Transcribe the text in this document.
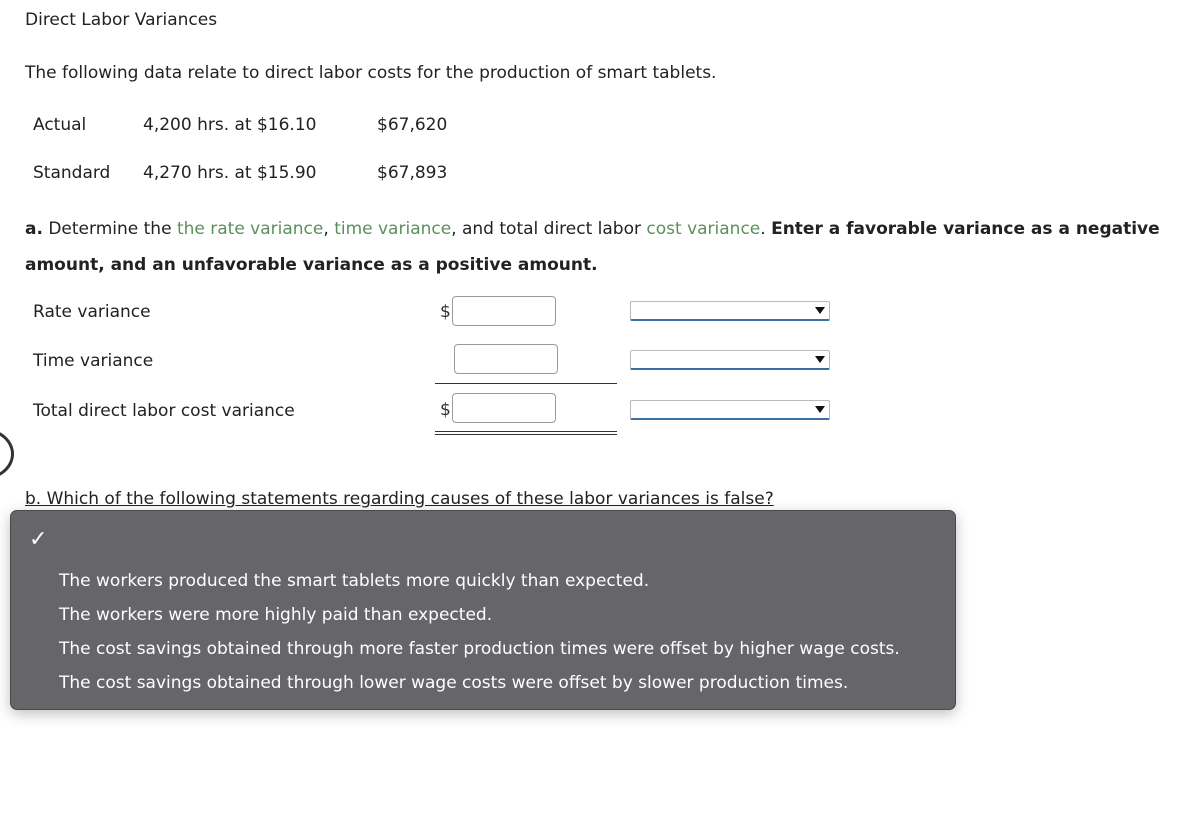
Direct Labor Variances
The following data relate to direct labor costs for the production of smart tablets.
Actual	4,200 hrs. at $16.10	$67,620
Standard 4,270 hrs. at $15.90	$67,893
a. Determine the the rate variance, time variance, and total direct labor cost variance. Enter a favorable variance as a negative amount, and an unfavorable variance as a positive amount.
Rate variance	$
Time variance
Total direct labor cost variance	$
b. Which of the following statements regarding causes of these labor variances is false?
✓
The workers produced the smart tablets more quickly than expected.
The workers were more highly paid than expected.
The cost savings obtained through more faster production times were offset by higher wage costs.
The cost savings obtained through lower wage costs were offset by slower production times.
